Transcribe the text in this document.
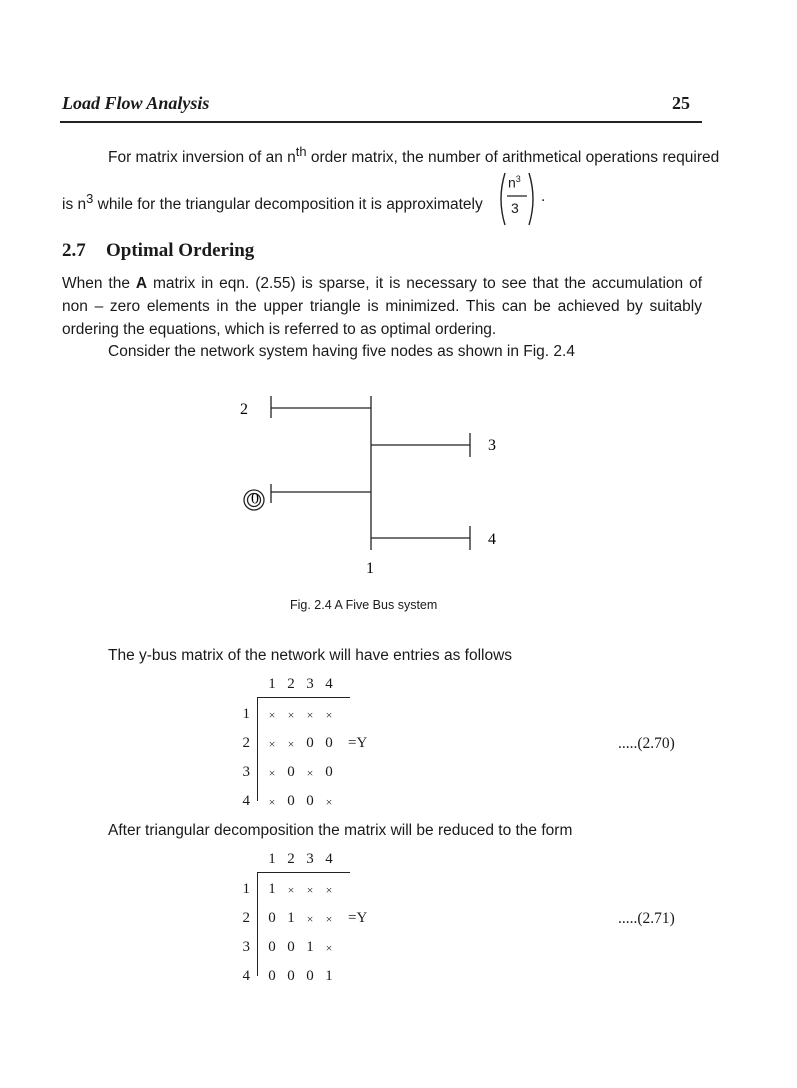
Load Flow Analysis	25
For matrix inversion of an $n^{th}$ order matrix, the number of arithmetical operations required
is $n^3$ while for the triangular decomposition it is approximately
$n^3$
3
.
2.7 Optimal Ordering
When the A matrix in eqn. (2.55) is sparse, it is necessary to see that the accumulation of non – zero elements in the upper triangle is minimized. This can be achieved by suitably ordering the equations, which is referred to as optimal ordering.
Consider the network system having five nodes as shown in Fig. 2.4
2
3
0
4
1
Fig. 2.4 A Five Bus system
The y-bus matrix of the network will have entries as follows
1 2 3 4
1	×	×	×	×
2	×	× 0 0 =Y	.....(2.70)
3	× 0 × 0
4	× 0 0 ×
After triangular decomposition the matrix will be reduced to the form
1 2 3 4
1 1 ×	×	×
2 0 1 ×	× =Y	.....(2.71)
3 0 0 1 ×
4 0 0 0 1
